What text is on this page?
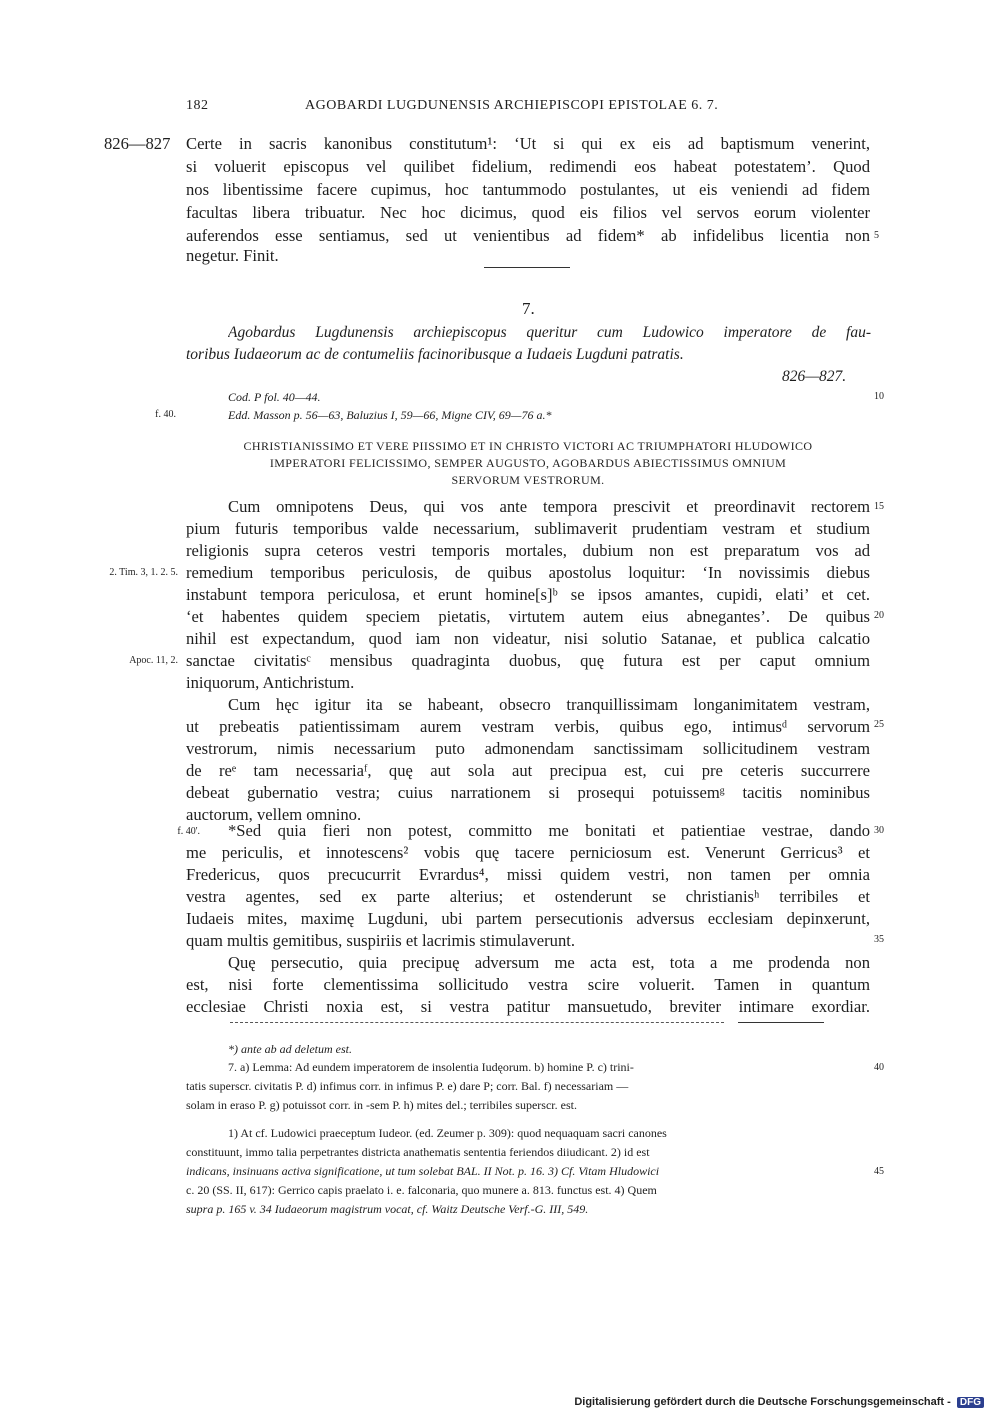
182	AGOBARDI LUGDUNENSIS ARCHIEPISCOPI EPISTOLAE 6. 7.
826—827 Certe in sacris kanonibus constitutum¹: ‘Ut si qui ex eis ad baptismum venerint,
si voluerit episcopus vel quilibet fidelium, redimendi eos habeat potestatem’. Quod
nos libentissime facere cupimus, hoc tantummodo postulantes, ut eis veniendi ad fidem
facultas libera tribuatur. Nec hoc dicimus, quod eis filios vel servos eorum violenter
auferendos esse sentiamus, sed ut venientibus ad fidem* ab infidelibus licentia non 5
negetur. Finit.
7.
Agobardus Lugdunensis archiepiscopus queritur cum Ludowico imperatore de fau-
toribus Iudaeorum ac de contumeliis facinoribusque a Iudaeis Lugduni patratis.
826—827.
Cod. P fol. 40—44.	10
f. 40.	Edd. Masson p. 56—63, Baluzius I, 59—66, Migne CIV, 69—76 a.*
CHRISTIANISSIMO ET VERE PIISSIMO ET IN CHRISTO VICTORI AC TRIUMPHATORI HLUDOWICO
IMPERATORI FELICISSIMO, SEMPER AUGUSTO, AGOBARDUS ABIECTISSIMUS OMNIUM
SERVORUM VESTRORUM.
Cum omnipotens Deus, qui vos ante tempora prescivit et preordinavit rectorem 15
pium futuris temporibus valde necessarium, sublimaverit prudentiam vestram et studium
religionis supra ceteros vestri temporis mortales, dubium non est preparatum vos ad
2. Tim. 3, 1. 2. 5. remedium temporibus periculosis, de quibus apostolus loquitur: ‘In novissimis diebus
instabunt tempora periculosa, et erunt homine[s]ᵇ se ipsos amantes, cupidi, elati’ et cet.
‘et habentes quidem speciem pietatis, virtutem autem eius abnegantes’. De quibus 20
nihil est expectandum, quod iam non videatur, nisi solutio Satanae, et publica calcatio
Apoc. 11, 2. sanctae civitatisᶜ mensibus quadraginta duobus, quę futura est per caput omnium
iniquorum, Antichristum.
Cum hęc igitur ita se habeant, obsecro tranquillissimam longanimitatem vestram,
ut prebeatis patientissimam aurem vestram verbis, quibus ego, intimusᵈ servorum 25
vestrorum, nimis necessarium puto admonendam sanctissimam sollicitudinem vestram
de reᵉ tam necessariaᶠ, quę aut sola aut precipua est, cui pre ceteris succurrere
debeat gubernatio vestra; cuius narrationem si prosequi potuissemᵍ tacitis nominibus
auctorum, vellem omnino.
f. 40'. *Sed quia fieri non potest, committo me bonitati et patientiae vestrae, dando 30
me periculis, et innotescens² vobis quę tacere perniciosum est. Venerunt Gerricus³ et
Fredericus, quos precucurrit Evrardus⁴, missi quidem vestri, non tamen per omnia
vestra agentes, sed ex parte alterius; et ostenderunt se christianisʰ terribiles et
Iudaeis mites, maximę Lugduni, ubi partem persecutionis adversus ecclesiam depinxerunt,
quam multis gemitibus, suspiriis et lacrimis stimulaverunt.	35
Quę persecutio, quia precipuę adversum me acta est, tota a me prodenda non
est, nisi forte clementissima sollicitudo vestra scire voluerit. Tamen in quantum
ecclesiae Christi noxia est, si vestra patitur mansuetudo, breviter intimare exordiar.
*) ante ab ad deletum est.
7. a) Lemma: Ad eundem imperatorem de insolentia Iudęorum. b) homine P. c) trini-	40
tatis superscr. civitatis P. d) infimus corr. in infimus P. e) dare P; corr. Bal. f) necessariam —
solam in eraso P. g) potuissot corr. in -sem P. h) mites del.; terribiles superscr. est.
1) At cf. Ludowici praeceptum Iudeor. (ed. Zeumer p. 309): quod nequaquam sacri canones
constituunt, immo talia perpetrantes districta anathematis sententia feriendos diiudicant. 2) id est
indicans, insinuans activa significatione, ut tum solebat BAL. II Not. p. 16. 3) Cf. Vitam Hludowici	45
c. 20 (SS. II, 617): Gerrico capis praelato i. e. falconaria, quo munere a. 813. functus est. 4) Quem
supra p. 165 v. 34 Iudaeorum magistrum vocat, cf. Waitz Deutsche Verf.-G. III, 549.
Digitalisierung gefördert durch die Deutsche Forschungsgemeinschaft - DFG
